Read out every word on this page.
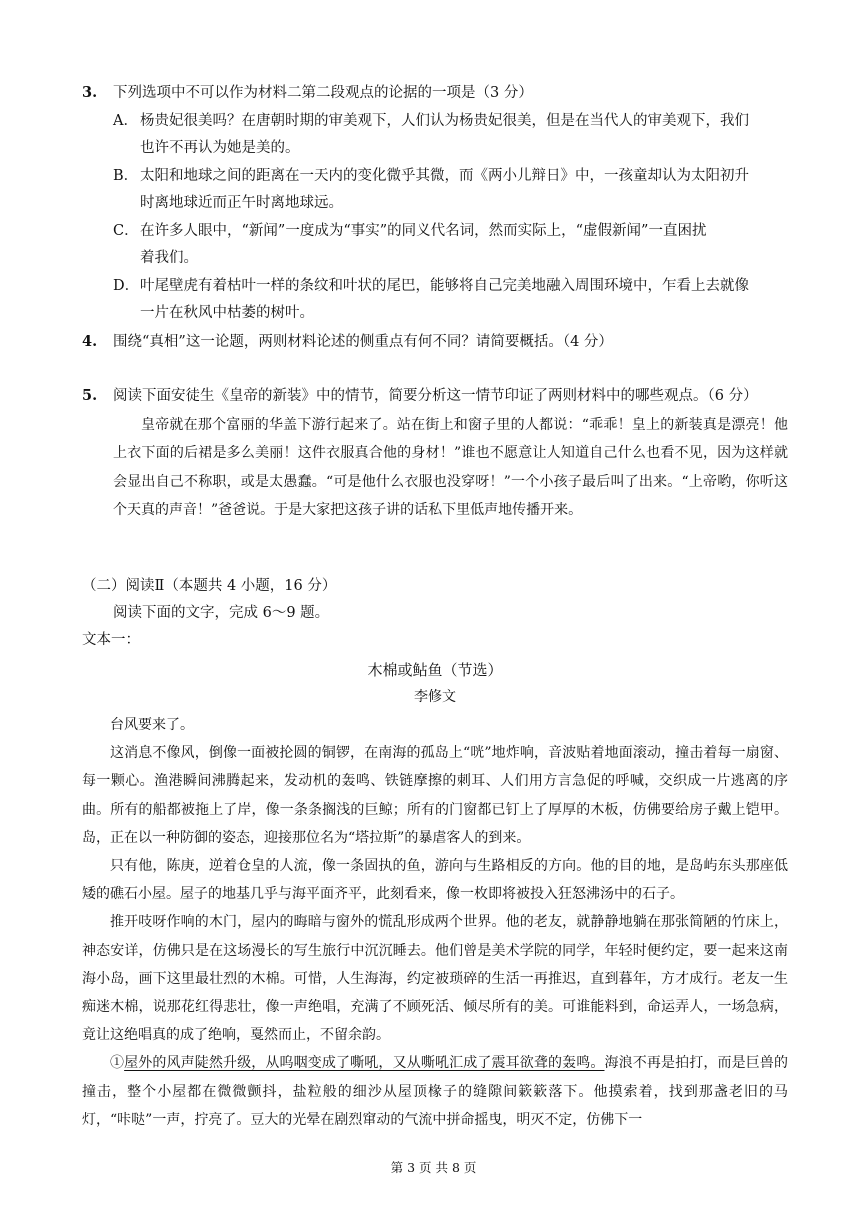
3. 下列选项中不可以作为材料二第二段观点的论据的一项是（3 分）
A． 杨贵妃很美吗？在唐朝时期的审美观下，人们认为杨贵妃很美，但是在当代人的审美观下，我们
也许不再认为她是美的。
B． 太阳和地球之间的距离在一天内的变化微乎其微，而《两小儿辩日》中，一孩童却认为太阳初升
时离地球近而正午时离地球远。
C．在许多人眼中，“新闻”一度成为“事实”的同义代名词，然而实际上，“虚假新闻”一直困扰
着我们。
D．叶尾壁虎有着枯叶一样的条纹和叶状的尾巴，能够将自己完美地融入周围环境中，乍看上去就像
一片在秋风中枯萎的树叶。
4. 围绕“真相”这一论题，两则材料论述的侧重点有何不同？请简要概括。（4 分）
5. 阅读下面安徒生《皇帝的新装》中的情节，简要分析这一情节印证了两则材料中的哪些观点。（6 分）
皇帝就在那个富丽的华盖下游行起来了。站在街上和窗子里的人都说：“乖乖！皇上的新装真是漂亮！他上衣下面的后裙是多么美丽！这件衣服真合他的身材！”谁也不愿意让人知道自己什么也看不见，因为这样就会显出自己不称职，或是太愚蠢。“可是他什么衣服也没穿呀！”一个小孩子最后叫了出来。“上帝哟，你听这个天真的声音！”爸爸说。于是大家把这孩子讲的话私下里低声地传播开来。
（二）阅读Ⅱ（本题共 4 小题，16 分）
阅读下面的文字，完成 6～9 题。
文本一：
木棉或鲇鱼（节选）
李修文

台风要来了。

这消息不像风，倒像一面被抡圆的铜锣，在南海的孤岛上“咣”地炸响，音波贴着地面滚动，撞击着每一扇窗、每一颗心。渔港瞬间沸腾起来，发动机的轰鸣、铁链摩擦的刺耳、人们用方言急促的呼喊，交织成一片逃离的序曲。所有的船都被拖上了岸，像一条条搁浅的巨鲸；所有的门窗都已钉上了厚厚的木板，仿佛要给房子戴上铠甲。岛，正在以一种防御的姿态，迎接那位名为“塔拉斯”的暴虐客人的到来。

只有他，陈庚，逆着仓皇的人流，像一条固执的鱼，游向与生路相反的方向。他的目的地，是岛屿东头那座低矮的礁石小屋。屋子的地基几乎与海平面齐平，此刻看来，像一枚即将被投入狂怒沸汤中的石子。

推开吱呀作响的木门，屋内的晦暗与窗外的慌乱形成两个世界。他的老友，就静静地躺在那张简陋的竹床上，神态安详，仿佛只是在这场漫长的写生旅行中沉沉睡去。他们曾是美术学院的同学，年轻时便约定，要一起来这南海小岛，画下这里最壮烈的木棉。可惜，人生海海，约定被琐碎的生活一再推迟，直到暮年，方才成行。老友一生痴迷木棉，说那花红得悲壮，像一声绝唱，充满了不顾死活、倾尽所有的美。可谁能料到，命运弄人，一场急病，竟让这绝唱真的成了绝响，戛然而止，不留余韵。

①屋外的风声陡然升级，从呜咽变成了嘶吼，又从嘶吼汇成了震耳欲聋的轰鸣。海浪不再是拍打，而是巨兽的撞击，整个小屋都在微微颤抖，盐粒般的细沙从屋顶椽子的缝隙间簌簌落下。他摸索着，找到那盏老旧的马灯，“咔哒”一声，拧亮了。豆大的光晕在剧烈窜动的气流中拼命摇曳，明灭不定，仿佛下一

第 3 页 共 8 页
